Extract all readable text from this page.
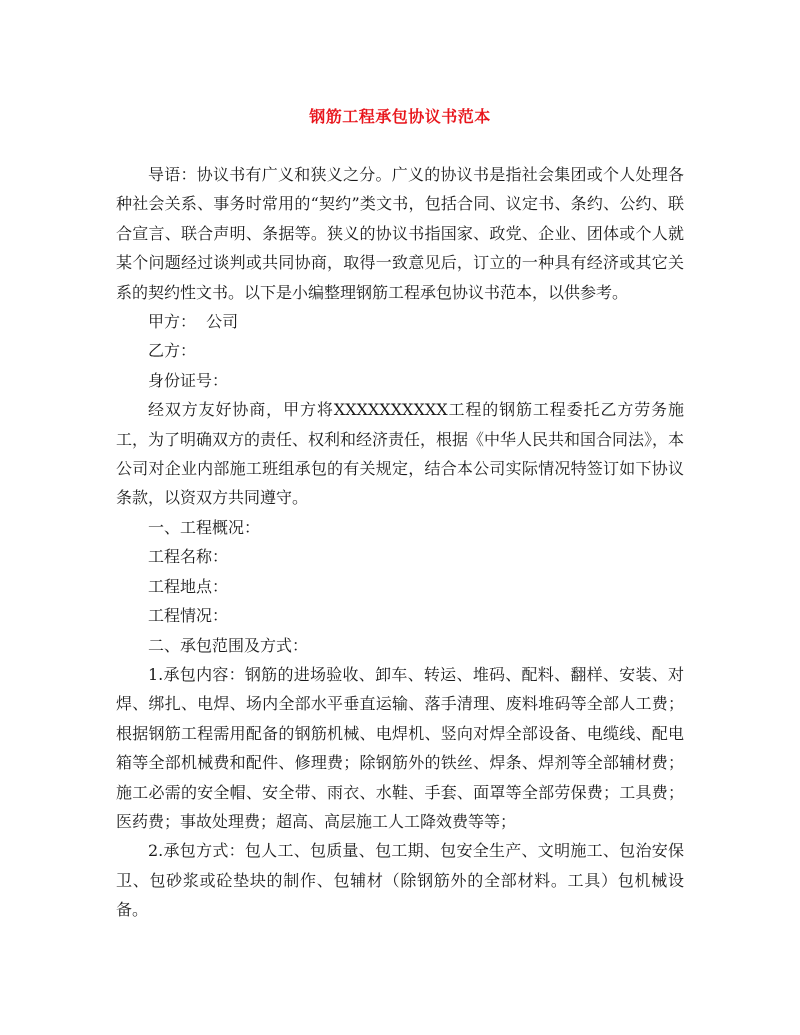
钢筋工程承包协议书范本

导语：协议书有广义和狭义之分。广义的协议书是指社会集团或个人处理各种社会关系、事务时常用的“契约”类文书，包括合同、议定书、条约、公约、联合宣言、联合声明、条据等。狭义的协议书指国家、政党、企业、团体或个人就某个问题经过谈判或共同协商，取得一致意见后，订立的一种具有经济或其它关系的契约性文书。以下是小编整理钢筋工程承包协议书范本，以供参考。

甲方：  公司

乙方：

身份证号：

经双方友好协商，甲方将XXXXXXXXXX工程的钢筋工程委托乙方劳务施工，为了明确双方的责任、权利和经济责任，根据《中华人民共和国合同法》，本公司对企业内部施工班组承包的有关规定，结合本公司实际情况特签订如下协议条款，以资双方共同遵守。

一、工程概况：

工程名称：

工程地点：

工程情况：

二、承包范围及方式：

1.承包内容：钢筋的进场验收、卸车、转运、堆码、配料、翻样、安装、对焊、绑扎、电焊、场内全部水平垂直运输、落手清理、废料堆码等全部人工费；根据钢筋工程需用配备的钢筋机械、电焊机、竖向对焊全部设备、电缆线、配电箱等全部机械费和配件、修理费；除钢筋外的铁丝、焊条、焊剂等全部辅材费；施工必需的安全帽、安全带、雨衣、水鞋、手套、面罩等全部劳保费；工具费；医药费；事故处理费；超高、高层施工人工降效费等等；

2.承包方式：包人工、包质量、包工期、包安全生产、文明施工、包治安保卫、包砂浆或砼垫块的制作、包辅材（除钢筋外的全部材料。工具）包机械设备。
